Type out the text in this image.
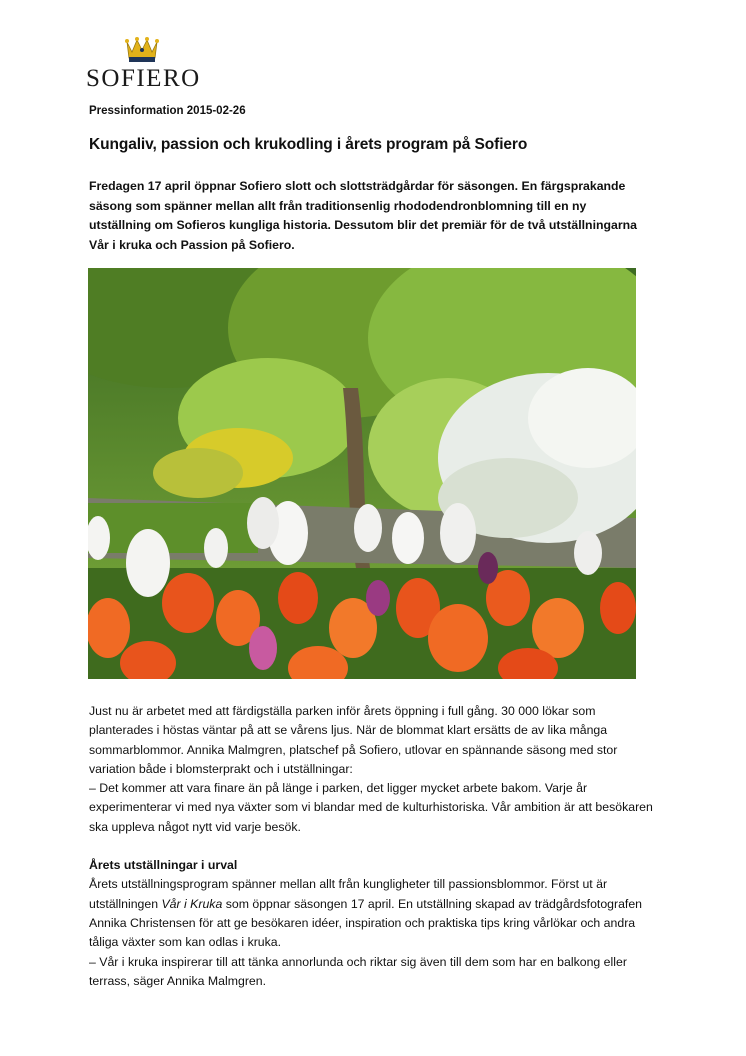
SOFIERO
Pressinformation 2015-02-26
Kungaliv, passion och krukodling i årets program på Sofiero

Fredagen 17 april öppnar Sofiero slott och slottsträdgårdar för säsongen. En färgsprakande säsong som spänner mellan allt från traditionsenlig rhododendronblomning till en ny utställning om Sofieros kungliga historia. Dessutom blir det premiär för de två utställningarna Vår i kruka och Passion på Sofiero.

Just nu är arbetet med att färdigställa parken inför årets öppning i full gång. 30 000 lökar som planterades i höstas väntar på att se vårens ljus. När de blommat klart ersätts de av lika många sommarblommor. Annika Malmgren, platschef på Sofiero, utlovar en spännande säsong med stor variation både i blomsterprakt och i utställningar:

– Det kommer att vara finare än på länge i parken, det ligger mycket arbete bakom. Varje år experimenterar vi med nya växter som vi blandar med de kulturhistoriska. Vår ambition är att besökaren ska uppleva något nytt vid varje besök.

Årets utställningar i urval

Årets utställningsprogram spänner mellan allt från kungligheter till passionsblommor. Först ut är utställningen Vår i Kruka som öppnar säsongen 17 april. En utställning skapad av trädgårdsfotografen Annika Christensen för att ge besökaren idéer, inspiration och praktiska tips kring vårlökar och andra tåliga växter som kan odlas i kruka.

– Vår i kruka inspirerar till att tänka annorlunda och riktar sig även till dem som har en balkong eller terrass, säger Annika Malmgren.
